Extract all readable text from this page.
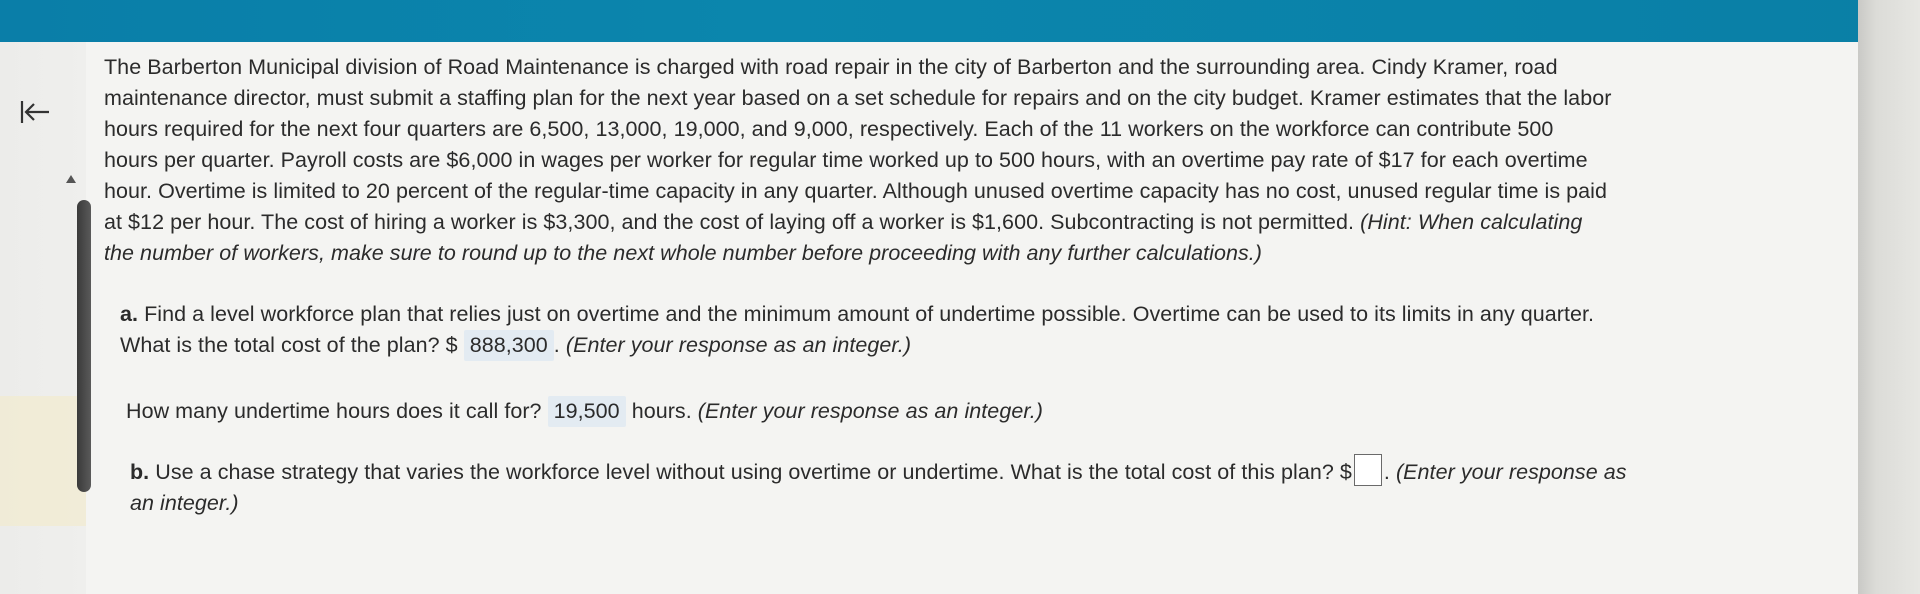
The Barberton Municipal division of Road Maintenance is charged with road repair in the city of Barberton and the surrounding area. Cindy Kramer, road
maintenance director, must submit a staffing plan for the next year based on a set schedule for repairs and on the city budget. Kramer estimates that the labor
hours required for the next four quarters are 6,500, 13,000, 19,000, and 9,000, respectively. Each of the 11 workers on the workforce can contribute 500
hours per quarter. Payroll costs are $6,000 in wages per worker for regular time worked up to 500 hours, with an overtime pay rate of $17 for each overtime
hour. Overtime is limited to 20 percent of the regular-time capacity in any quarter. Although unused overtime capacity has no cost, unused regular time is paid
at $12 per hour. The cost of hiring a worker is $3,300, and the cost of laying off a worker is $1,600. Subcontracting is not permitted. (Hint: When calculating
the number of workers, make sure to round up to the next whole number before proceeding with any further calculations.)
a. Find a level workforce plan that relies just on overtime and the minimum amount of undertime possible. Overtime can be used to its limits in any quarter.
What is the total cost of the plan? $ 888,300 . (Enter your response as an integer.)
How many undertime hours does it call for? 19,500 hours. (Enter your response as an integer.)
b. Use a chase strategy that varies the workforce level without using overtime or undertime. What is the total cost of this plan? $ . (Enter your response as
an integer.)
